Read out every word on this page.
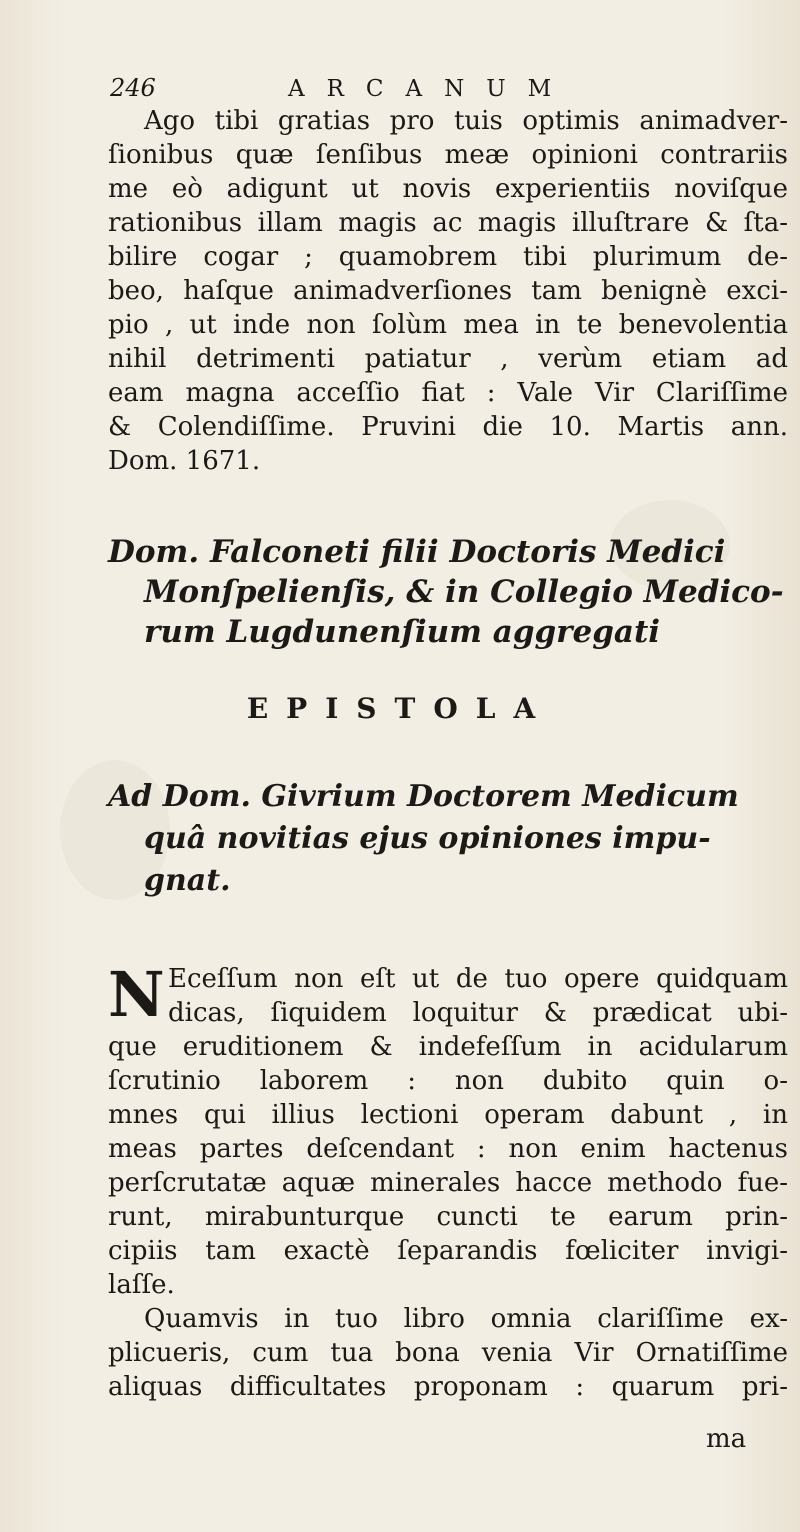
246	ARCANUM
Ago tibi gratias pro tuis optimis animadver-
ſionibus quæ ſenſibus meæ opinioni contrariis
me eò adigunt ut novis experientiis noviſque
rationibus illam magis ac magis illuſtrare & ſta-
bilire cogar ; quamobrem tibi plurimum de-
beo, haſque animadverſiones tam benignè exci-
pio , ut inde non ſolùm mea in te benevolentia
nihil detrimenti patiatur , verùm etiam ad
eam magna acceſſio fiat : Vale Vir Clariſſime
& Colendiſſime. Pruvini die 10. Martis ann.
Dom. 1671.
Dom. Falconeti filii Doctoris Medici
Monſpelienſis, & in Collegio Medico-
rum Lugdunenſium aggregati
EPISTOLA
Ad Dom. Givrium Doctorem Medicum
quâ novitias ejus opiniones impu-
gnat.
N Eceſſum non eſt ut de tuo opere quidquam
dicas, ſiquidem loquitur & prædicat ubi-
que eruditionem & indefeſſum in acidularum
ſcrutinio laborem : non dubito quin o-
mnes qui illius lectioni operam dabunt , in
meas partes deſcendant : non enim hactenus
perſcrutatæ aquæ minerales hacce methodo fue-
runt, mirabunturque cuncti te earum prin-
cipiis tam exactè ſeparandis fœliciter invigi-
laſſe.
Quamvis in tuo libro omnia clariſſime ex-
plicueris, cum tua bona venia Vir Ornatiſſime
aliquas difficultates proponam : quarum pri-
ma
